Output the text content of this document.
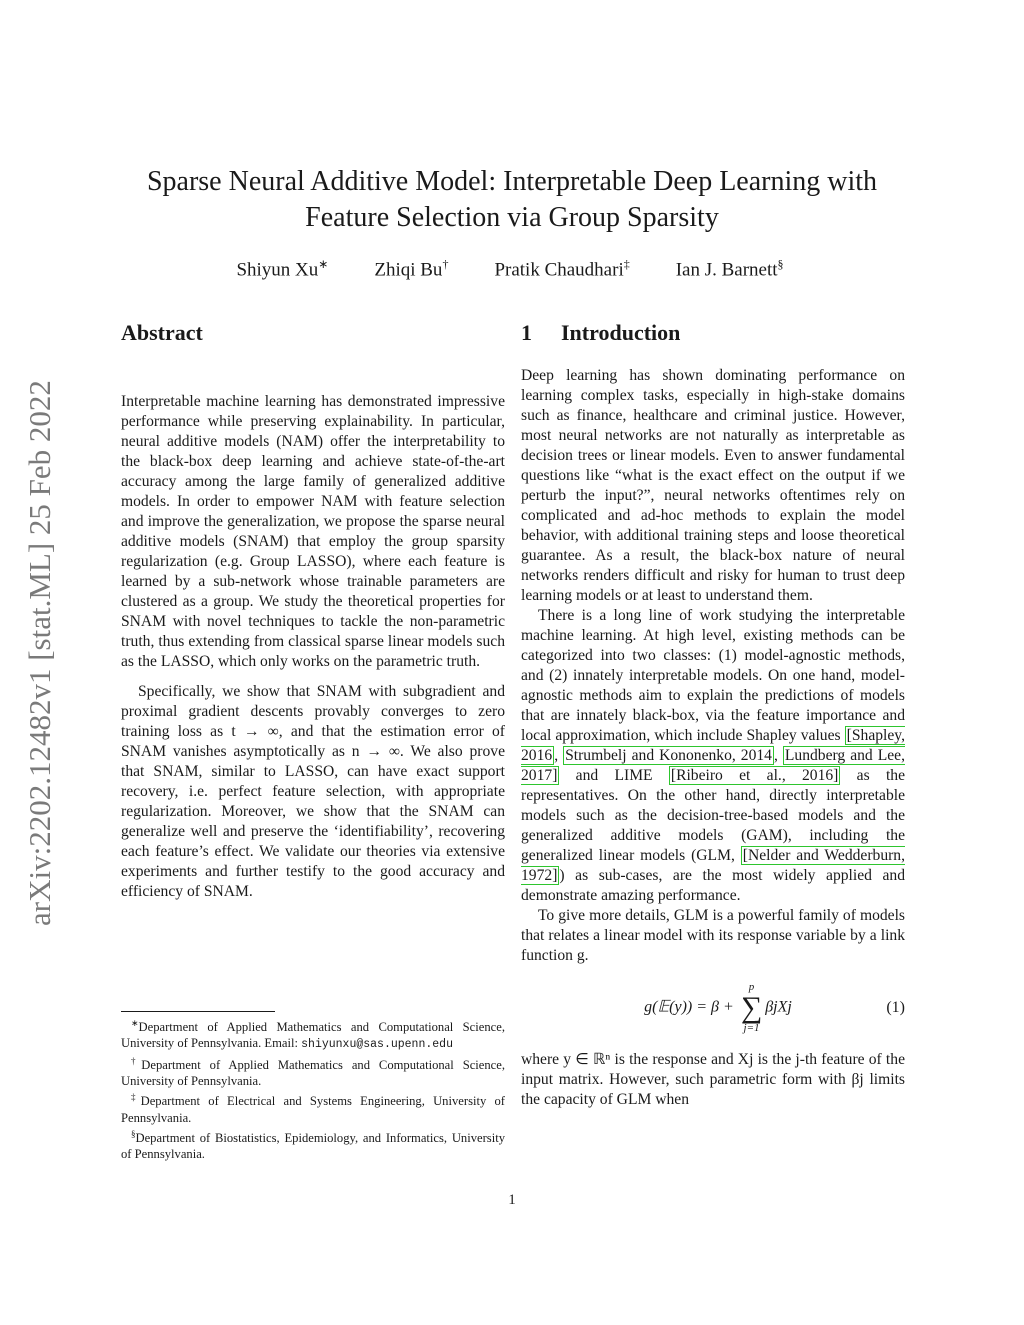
arXiv:2202.12482v1 [stat.ML] 25 Feb 2022
Sparse Neural Additive Model: Interpretable Deep Learning with
Feature Selection via Group Sparsity
Shiyun Xu∗ Zhiqi Bu† Pratik Chaudhari‡ Ian J. Barnett§
Abstract

Interpretable machine learning has demonstrated impressive performance while preserving explainability. In particular, neural additive models (NAM) offer the interpretability to the black-box deep learning and achieve state-of-the-art accuracy among the large family of generalized additive models. In order to empower NAM with feature selection and improve the generalization, we propose the sparse neural additive models (SNAM) that employ the group sparsity regularization (e.g. Group LASSO), where each feature is learned by a sub-network whose trainable parameters are clustered as a group. We study the theoretical properties for SNAM with novel techniques to tackle the non-parametric truth, thus extending from classical sparse linear models such as the LASSO, which only works on the parametric truth.

Specifically, we show that SNAM with subgradient and proximal gradient descents provably converges to zero training loss as t → ∞, and that the estimation error of SNAM vanishes asymptotically as n → ∞. We also prove that SNAM, similar to LASSO, can have exact support recovery, i.e. perfect feature selection, with appropriate regularization. Moreover, we show that the SNAM can generalize well and preserve the ‘identifiability’, recovering each feature’s effect. We validate our theories via extensive experiments and further testify to the good accuracy and efficiency of SNAM.

∗Department of Applied Mathematics and Computational Science, University of Pennsylvania. Email: shiyunxu@sas.upenn.edu

†Department of Applied Mathematics and Computational Science, University of Pennsylvania.

‡Department of Electrical and Systems Engineering, University of Pennsylvania.

§Department of Biostatistics, Epidemiology, and Informatics, University of Pennsylvania.

1 Introduction

Deep learning has shown dominating performance on learning complex tasks, especially in high-stake domains such as finance, healthcare and criminal justice. However, most neural networks are not naturally as interpretable as decision trees or linear models. Even to answer fundamental questions like “what is the exact effect on the output if we perturb the input?”, neural networks oftentimes rely on complicated and ad-hoc methods to explain the model behavior, with additional training steps and loose theoretical guarantee. As a result, the black-box nature of neural networks renders difficult and risky for human to trust deep learning models or at least to understand them.

There is a long line of work studying the interpretable machine learning. At high level, existing methods can be categorized into two classes: (1) model-agnostic methods, and (2) innately interpretable models. On one hand, model-agnostic methods aim to explain the predictions of models that are innately black-box, via the feature importance and local approximation, which include Shapley values [Shapley, 2016 , Strumbelj and Kononenko, 2014 , Lundberg and Lee, 2017] and LIME [Ribeiro et al., 2016] as the representatives. On the other hand, directly interpretable models such as the decision-tree-based models and the generalized additive models (GAM), including the generalized linear models (GLM, [Nelder and Wedderburn, 1972] ) as sub-cases, are the most widely applied and demonstrate amazing performance.

To give more details, GLM is a powerful family of models that relates a linear model with its response variable by a link function g.

g(𝔼(y)) = β +
p
∑
j=1
βjXj	(1)

where y ∈ ℝⁿ is the response and Xj is the j-th feature of the input matrix. However, such parametric form with βj limits the capacity of GLM when

1
